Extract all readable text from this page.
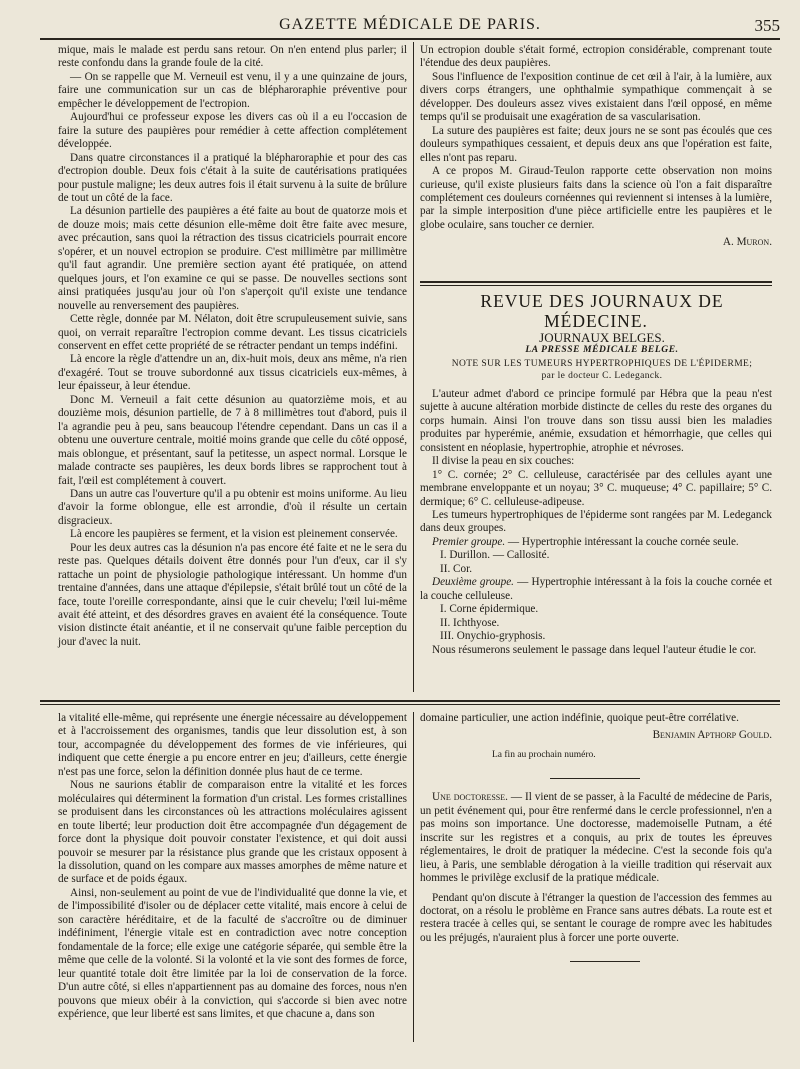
GAZETTE MÉDICALE DE PARIS.	355

mique, mais le malade est perdu sans retour. On n'en entend plus parler; il reste confondu dans la grande foule de la cité.

— On se rappelle que M. Verneuil est venu, il y a une quinzaine de jours, faire une communication sur un cas de blépharoraphie préventive pour empêcher le développement de l'ectropion.

Aujourd'hui ce professeur expose les divers cas où il a eu l'occasion de faire la suture des paupières pour remédier à cette affection complétement développée.

Dans quatre circonstances il a pratiqué la blépharoraphie et pour des cas d'ectropion double. Deux fois c'était à la suite de cautérisations pratiquées pour pustule maligne; les deux autres fois il était survenu à la suite de brûlure de tout un côté de la face.

La désunion partielle des paupières a été faite au bout de quatorze mois et de douze mois; mais cette désunion elle-même doit être faite avec mesure, avec précaution, sans quoi la rétraction des tissus cicatriciels pourrait encore s'opérer, et un nouvel ectropion se produire. C'est millimètre par millimètre qu'il faut agrandir. Une première section ayant été pratiquée, on attend quelques jours, et l'on examine ce qui se passe. De nouvelles sections sont ainsi pratiquées jusqu'au jour où l'on s'aperçoit qu'il existe une tendance nouvelle au renversement des paupières.

Cette règle, donnée par M. Nélaton, doit être scrupuleusement suivie, sans quoi, on verrait reparaître l'ectropion comme devant. Les tissus cicatriciels conservent en effet cette propriété de se rétracter pendant un temps indéfini.

Là encore la règle d'attendre un an, dix-huit mois, deux ans même, n'a rien d'exagéré. Tout se trouve subordonné aux tissus cicatriciels eux-mêmes, à leur épaisseur, à leur étendue.

Donc M. Verneuil a fait cette désunion au quatorzième mois, et au douzième mois, désunion partielle, de 7 à 8 millimètres tout d'abord, puis il l'a agrandie peu à peu, sans beaucoup l'étendre cependant. Dans un cas il a obtenu une ouverture centrale, moitié moins grande que celle du côté opposé, mais oblongue, et présentant, sauf la petitesse, un aspect normal. Lorsque le malade contracte ses paupières, les deux bords libres se rapprochent tout à fait, l'œil est complétement à couvert.

Dans un autre cas l'ouverture qu'il a pu obtenir est moins uniforme. Au lieu d'avoir la forme oblongue, elle est arrondie, d'où il résulte un certain disgracieux.

Là encore les paupières se ferment, et la vision est pleinement conservée.

Pour les deux autres cas la désunion n'a pas encore été faite et ne le sera du reste pas. Quelques détails doivent être donnés pour l'un d'eux, car il s'y rattache un point de physiologie pathologique intéressant. Un homme d'un trentaine d'années, dans une attaque d'épilepsie, s'était brûlé tout un côté de la face, toute l'oreille correspondante, ainsi que le cuir chevelu; l'œil lui-même avait été atteint, et des désordres graves en avaient été la conséquence. Toute vision distincte était anéantie, et il ne conservait qu'une faible perception du jour d'avec la nuit.

Un ectropion double s'était formé, ectropion considérable, comprenant toute l'étendue des deux paupières.

Sous l'influence de l'exposition continue de cet œil à l'air, à la lumière, aux divers corps étrangers, une ophthalmie sympathique commençait à se développer. Des douleurs assez vives existaient dans l'œil opposé, en même temps qu'il se produisait une exagération de sa vascularisation.

La suture des paupières est faite; deux jours ne se sont pas écoulés que ces douleurs sympathiques cessaient, et depuis deux ans que l'opération est faite, elles n'ont pas reparu.

A ce propos M. Giraud-Teulon rapporte cette observation non moins curieuse, qu'il existe plusieurs faits dans la science où l'on a fait disparaître complétement ces douleurs cornéennes qui reviennent si intenses à la lumière, par la simple interposition d'une pièce artificielle entre les paupières et le globe oculaire, sans toucher ce dernier.

A. Muron.

REVUE DES JOURNAUX DE MÉDECINE.

JOURNAUX BELGES.

LA PRESSE MÉDICALE BELGE.

NOTE SUR LES TUMEURS HYPERTROPHIQUES DE L'ÉPIDERME;

par le docteur C. Ledeganck.

L'auteur admet d'abord ce principe formulé par Hébra que la peau n'est sujette à aucune altération morbide distincte de celles du reste des organes du corps humain. Ainsi l'on trouve dans son tissu aussi bien les maladies produites par hyperémie, anémie, exsudation et hémorrhagie, que celles qui consistent en néoplasie, hypertrophie, atrophie et névroses.

Il divise la peau en six couches:

1° C. cornée; 2° C. celluleuse, caractérisée par des cellules ayant une membrane enveloppante et un noyau; 3° C. muqueuse; 4° C. papillaire; 5° C. dermique; 6° C. celluleuse-adipeuse.

Les tumeurs hypertrophiques de l'épiderme sont rangées par M. Ledeganck dans deux groupes.

Premier groupe. — Hypertrophie intéressant la couche cornée seule.

I. Durillon. — Callosité.

II. Cor.

Deuxième groupe. — Hypertrophie intéressant à la fois la couche cornée et la couche celluleuse.

I. Corne épidermique.

II. Ichthyose.

III. Onychio-gryphosis.

Nous résumerons seulement le passage dans lequel l'auteur étudie le cor.

la vitalité elle-même, qui représente une énergie nécessaire au développement et à l'accroissement des organismes, tandis que leur dissolution est, à son tour, accompagnée du développement des formes de vie inférieures, qui indiquent que cette énergie a pu encore entrer en jeu; d'ailleurs, cette énergie n'est pas une force, selon la définition donnée plus haut de ce terme.

Nous ne saurions établir de comparaison entre la vitalité et les forces moléculaires qui déterminent la formation d'un cristal. Les formes cristallines se produisent dans les circonstances où les attractions moléculaires agissent en toute liberté; leur production doit être accompagnée d'un dégagement de force dont la physique doit pouvoir constater l'existence, et qui doit aussi pouvoir se mesurer par la résistance plus grande que les cristaux opposent à la dissolution, quand on les compare aux masses amorphes de même nature et de surface et de poids égaux.

Ainsi, non-seulement au point de vue de l'individualité que donne la vie, et de l'impossibilité d'isoler ou de déplacer cette vitalité, mais encore à celui de son caractère héréditaire, et de la faculté de s'accroître ou de diminuer indéfiniment, l'énergie vitale est en contradiction avec notre conception fondamentale de la force; elle exige une catégorie séparée, qui semble être la même que celle de la volonté. Si la volonté et la vie sont des formes de force, leur quantité totale doit être limitée par la loi de conservation de la force. D'un autre côté, si elles n'appartiennent pas au domaine des forces, nous n'en pouvons que mieux obéir à la conviction, qui s'accorde si bien avec notre expérience, que leur liberté est sans limites, et que chacune a, dans son

domaine particulier, une action indéfinie, quoique peut-être corrélative.

Benjamin Apthorp Gould.

La fin au prochain numéro.

Une doctoresse. — Il vient de se passer, à la Faculté de médecine de Paris, un petit événement qui, pour être renfermé dans le cercle professionnel, n'en a pas moins son importance. Une doctoresse, mademoiselle Putnam, a été inscrite sur les registres et a conquis, au prix de toutes les épreuves réglementaires, le droit de pratiquer la médecine. C'est la seconde fois qu'a lieu, à Paris, une semblable dérogation à la vieille tradition qui réservait aux hommes le privilège exclusif de la pratique médicale.

Pendant qu'on discute à l'étranger la question de l'accession des femmes au doctorat, on a résolu le problème en France sans autres débats. La route est et restera tracée à celles qui, se sentant le courage de rompre avec les habitudes ou les préjugés, n'auraient plus à forcer une porte ouverte.
